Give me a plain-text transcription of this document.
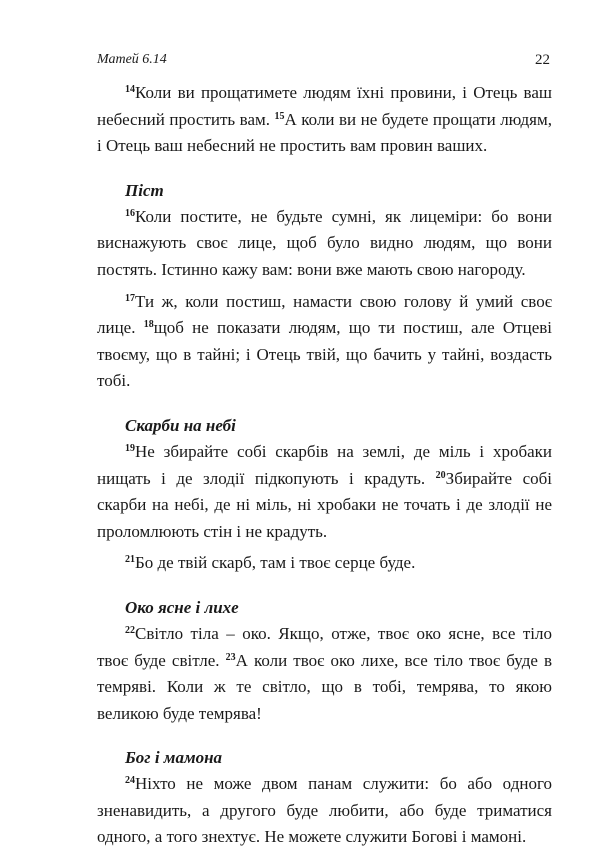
Матей 6.14	22

$^{14}$Коли ви прощатимете людям їхні провини, і Отець ваш небесний простить вам. $^{15}$А коли ви не будете прощати людям, і Отець ваш небесний не простить вам провин ваших.

Піст

$^{16}$Коли постите, не будьте сумні, як лицеміри: бо вони виснажують своє лице, щоб було видно людям, що вони постять. Істинно кажу вам: вони вже мають свою нагороду.

$^{17}$Ти ж, коли постиш, намасти свою голову й умий своє лице. $^{18}$щоб не показати людям, що ти постиш, але Отцеві твоєму, що в тайні; і Отець твій, що бачить у тайні, воздасть тобі.

Скарби на небі

$^{19}$Не збирайте собі скарбів на землі, де міль і хробаки нищать і де злодії підкопують і крадуть. $^{20}$Збирайте собі скарби на небі, де ні міль, ні хробаки не точать і де злодії не проломлюють стін і не крадуть.

$^{21}$Бо де твій скарб, там і твоє серце буде.

Око ясне і лихе

$^{22}$Світло тіла – око. Якщо, отже, твоє око ясне, все тіло твоє буде світле. $^{23}$А коли твоє око лихе, все тіло твоє буде в темряві. Коли ж те світло, що в тобі, темрява, то якою великою буде темрява!

Бог і мамона

$^{24}$Ніхто не може двом панам служити: бо або одного зненавидить, а другого буде любити, або буде триматися одного, а того знехтує. Не можете служити Богові і мамоні.
